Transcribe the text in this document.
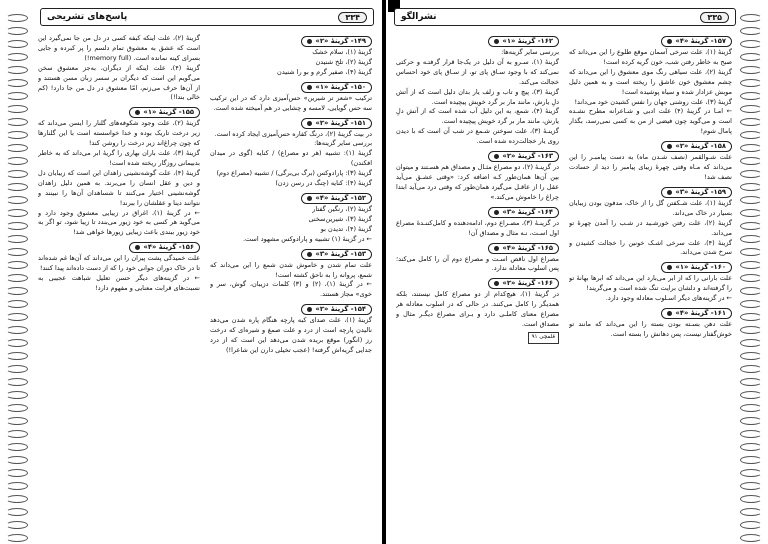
۳۳۴
پاسخ‌های تشریحی
۱۴۹- گزینهٔ «۲»
گزینهٔ (۱)، سلام خشک
گزینهٔ (۲)، تلخ شنیدن
گزینهٔ (۴)، صفیر گرم و بو را شنیدن
۱۵۰- گزینهٔ «۱»
ترکیب «شعر تر شیرین» حس‌آمیزی دارد که در این ترکیب سه حس گویایی، لامسه و چشایی در هم آمیخته شده است.
۱۵۱- گزینهٔ «۲»
در بیت گزینهٔ (۲)، درنگ کفاره حس‌آمیزی ایجاد کرده است.
بررسی سایر گزینه‌ها:
گزینهٔ (۱): تشبیه (هر دو مصراع) / کنایه (گوی در میدان افکندن)
گزینهٔ (۳): پارادوکس (برگ بی‌برگی) / تشبیه (مصراع دوم)
گزینهٔ (۴): کنایه (چنگ در رسن زدن)
۱۵۲- گزینهٔ «۴»
گزینهٔ (۲)، رنگین گفتار
گزینهٔ (۳)، شیرین‌سخنی
گزینهٔ (۴)، تدیدن بو
← در گزینهٔ (۱) تشبیه و پارادوکس مشهود است.
۱۵۳- گزینهٔ «۳»
علت تمام شدن و خاموش شدن شمع را این می‌داند که شمع، پروانه را به ناحق کشته است!
← در گزینهٔ (۱)، (۲) و (۳) کلمات دزیبان، گوش، سر و خوی» مجاز هستند.
۱۵۴- گزینهٔ «۲»
گزینهٔ (۱)، علت صدای کبه پارچه هنگام پاره شدن می‌دهد نالیدن پارچه است از درد و علت صمغ و شیره‌ای که درخت رز (انگور) موقع بریده شدن می‌دهد این است که از درد جدایی گریه‌اش گرفته! (عجب تخیلی دارن این شاعرا!)
گزینهٔ (۲)، علت اینکه کبفه کسی در دل من جا نمی‌گیرد این است که عشق به معشوق تمام دلسم را پر کبرده و جایی بسرای کینه نمانده است. (memory full!)
گزینهٔ (۴)، علت اینکه از دیگران، به‌جز معشوق سخن می‌گویم این است که دیگران بر سسر زبان مسن هستند و از آن‌ها حرف می‌زنم، امّا معشوق در دل من جا دارد! (کم خالی بندا!)
۱۵۵- گزینهٔ «۱»
گزینهٔ (۲)، علت وجود شکوفه‌های گلنار را ایسن می‌داند که زیر درخت تاریک بوده و خدا خواسسته است با این گلنارها که چون چراغ‌اند زیر درخت را روشن کند!
گزینهٔ (۳)، علت باران بهاری را گریهٔ ابر می‌داند که به خاطر بدبیمانی روزگار ریخته شده است!
گزینهٔ (۴)، علت گوشه‌نشینی زاهدان این است که زیبایان دل و دین و عقل انسان را می‌برند. به همین دلیل زاهدان گوشه‌نشینی اختیار می‌کنند تا شساهدان آن‌ها را نبینند و نتوانند دینا و عقلشان را ببرند!
← در گزینهٔ (۱)، اغراق در زیبایی معشوق وجود دارد و می‌گوید هر کسی به خود زیور می‌بندد تا زیبا شود، تو اگر به خود زیور ببندی باعث زیبایی زیورها خواهی شد!
۱۵۶- گزینهٔ «۴»
علت خمیدگی پشت پیران را این می‌داند که آن‌ها غم شده‌اند تا در خاک دوران جوانی خود را که از دست داده‌اند پیدا کنند!
← در گزینه‌های دیگر حسن تعلیل شباهت عجیبی به نسبت‌های قرابت معنایی و مفهوم دارد!
۳۳۵
نشرالگو
۱۵۷- گزینهٔ «۴»
گزینهٔ (۱)، علت سرخی آسمان موقع طلوع را این می‌داند که صبح به خاطر رفتن شب، خون گریه کرده است!
گزینهٔ (۲)، علت سیاهی رنگ موی معشوق را این می‌داند که چشم معشوق خون عاشق را ریخته است و به همین دلیل موبش عزادار شده و سیاه پوشیده است!
گزینهٔ (۳)، علت روشنی جهان را نفس کشیدن خود می‌داند!
← امـا در گزینهٔ (۴) علت ادبی و شـاعرانه مطرح نشـده است و می‌گوید چون فیضی از من به کسی نمی‌رسد، بگذار پامال شوم!
۱۵۸- گزینهٔ «۲»
علت شـوالقمر (نصف شـدن ماه) به دست پیامبـر را این می‌داند که مـاه وقتی چهرهٔ زیبای پیامبر را دید از حسادت نصف شد!
۱۵۹- گزینهٔ «۳»
گزینهٔ (۱)، علت شـکفتن گل را از خاک، مدفون بودن زیبایان بسیار در خاک می‌داند.
گزینهٔ (۲)، علت رفتن خورشـید در شـب را آمدن چهرهٔ تو می‌داند.
گزینهٔ (۴)، علت سرخی اشـک خونین را خجالت کشیدن و سرخ شدن می‌داند.
۱۶۰- گزینهٔ «۱»
علت بارانی را که از ابر می‌بارد این می‌داند که ابرها بهانهٔ تو را گرفته‌اند و دلشان برایت تنگ شده است و می‌گریند!
← در گزینه‌های دیگر اسـلوب معادله وجود دارد.
۱۶۱- گزینهٔ «۴»
علت دهن بسـته بودن بسته را این می‌داند که مانند تو خوش‌گفتار نیست، پس دهانش را بسته است.
۱۶۲- گزینهٔ «۱»
بررسی سایر گزینه‌ها:
گزینهٔ (۱)، سـرو به آن دلیل در یک‌جا قرار گرفتـه و حرکتی نمی‌کند که با وجود سـاق پای تو، از سـاق پای خود احساس خجالت می‌کند.
گزینهٔ (۳)، پیچ و تاب و زلف یار بدان دلیل است که از آتش دلِ یارش، مانند مار بر گرد خویش پیچیده است.
گزینهٔ (۴)، شمع، به این دلیل آب شده است که از آتش دلِ یارش، مانند مار بر گرد خویش پیچیده است.
گزینـهٔ (۳)، علت سوختن شـمع در شب آن است که با دیدن روی یار خجالت‌زده شده است.
۱۶۳- گزینهٔ «۲»
در گزینـهٔ (۲)، دو مصراع مثـال و مصداق هم هسـتند و میتوان بین آن‌ها همان‌طور کـه اضافه کرد: «وقتی عشـق می‌آید عقل را از عاقـل می‌گیرد همان‌طور که وقتی درد می‌آید ابتدا چراغ را خاموش می‌کند.»
۱۶۴- گزینهٔ «۳»
در گزینـهٔ (۳)، مصـراع دوم، ادامه‌دهنده و کامل‌کننـدهٔ مصراع اول اسـت، نـه مثال و مصداق آن!
۱۶۵- گزینهٔ «۴»
مصراع اول ناقص اسـت و مصراع دوم آن را کامل می‌کند؛ پس اسلوب معادله ندارد.
۱۶۶- گزینهٔ «۲»
در گزینهٔ (۱)، هیچ‌کدام از دو مصراع کامل نیستند، بلکه همدیگر را کامل می‌کنند. در حالی که در اسلوب معادله هر مصراع معنای کاملـی دارد و بـرای مصراع دیگـر مثال و مصداق است.
قلمچی ۹۱
